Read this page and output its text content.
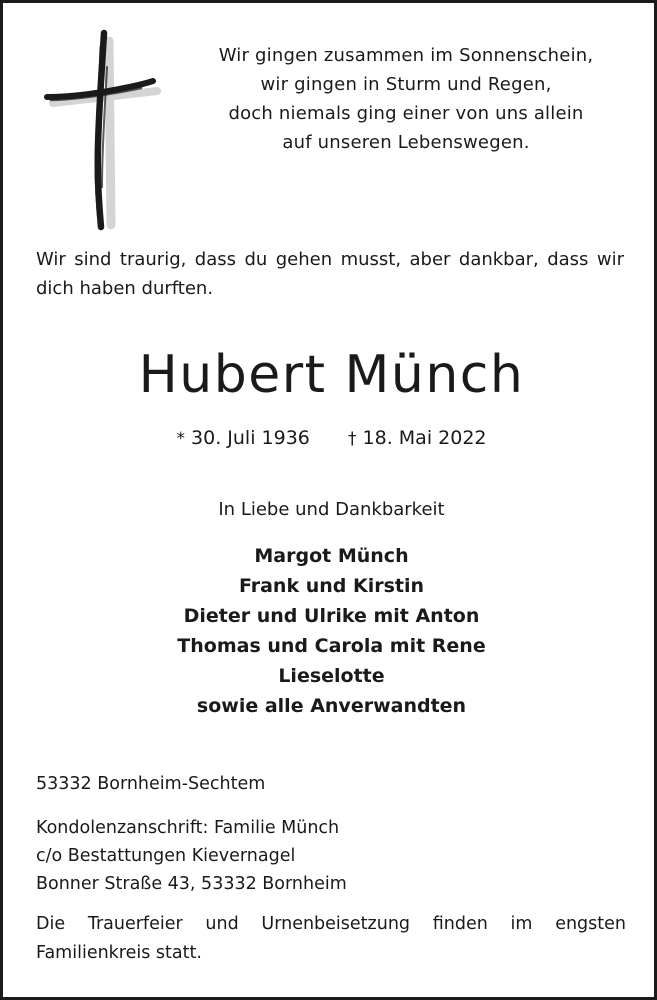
Wir gingen zusammen im Sonnenschein,
wir gingen in Sturm und Regen,
doch niemals ging einer von uns allein
auf unseren Lebenswegen.
Wir sind traurig, dass du gehen musst, aber dankbar, dass wir dich haben durften.
Hubert Münch
* 30. Juli 1936 † 18. Mai 2022
In Liebe und Dankbarkeit
Margot Münch
Frank und Kirstin
Dieter und Ulrike mit Anton
Thomas und Carola mit Rene
Lieselotte
sowie alle Anverwandten
53332 Bornheim-Sechtem
Kondolenzanschrift: Familie Münch
c/o Bestattungen Kievernagel
Bonner Straße 43, 53332 Bornheim
Die Trauerfeier und Urnenbeisetzung finden im engsten Familienkreis statt.
